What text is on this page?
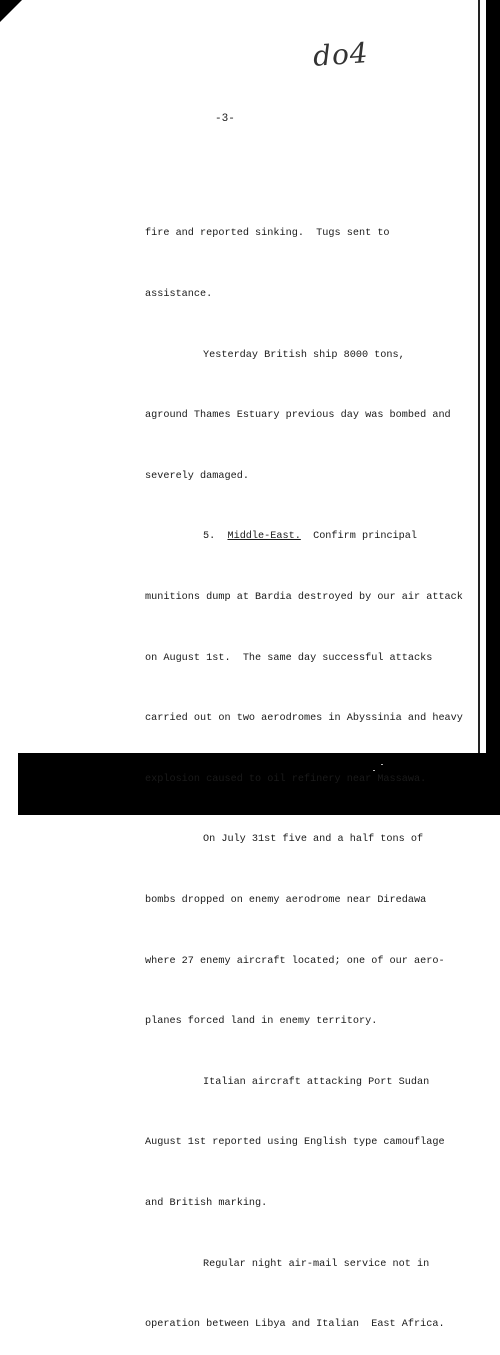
do4
-3-

fire and reported sinking.  Tugs sent to

assistance.

Yesterday British ship 8000 tons,

aground Thames Estuary previous day was bombed and

severely damaged.

5. Middle-East. Confirm principal

munitions dump at Bardia destroyed by our air attack

on August 1st.  The same day successful attacks

carried out on two aerodromes in Abyssinia and heavy

explosion caused to oil refinery near Massawa.

On July 31st five and a half tons of

bombs dropped on enemy aerodrome near Diredawa

where 27 enemy aircraft located; one of our aero-

planes forced land in enemy territory.

Italian aircraft attacking Port Sudan

August 1st reported using English type camouflage

and British marking.

Regular night air-mail service not in

operation between Libya and Italian  East Africa.
